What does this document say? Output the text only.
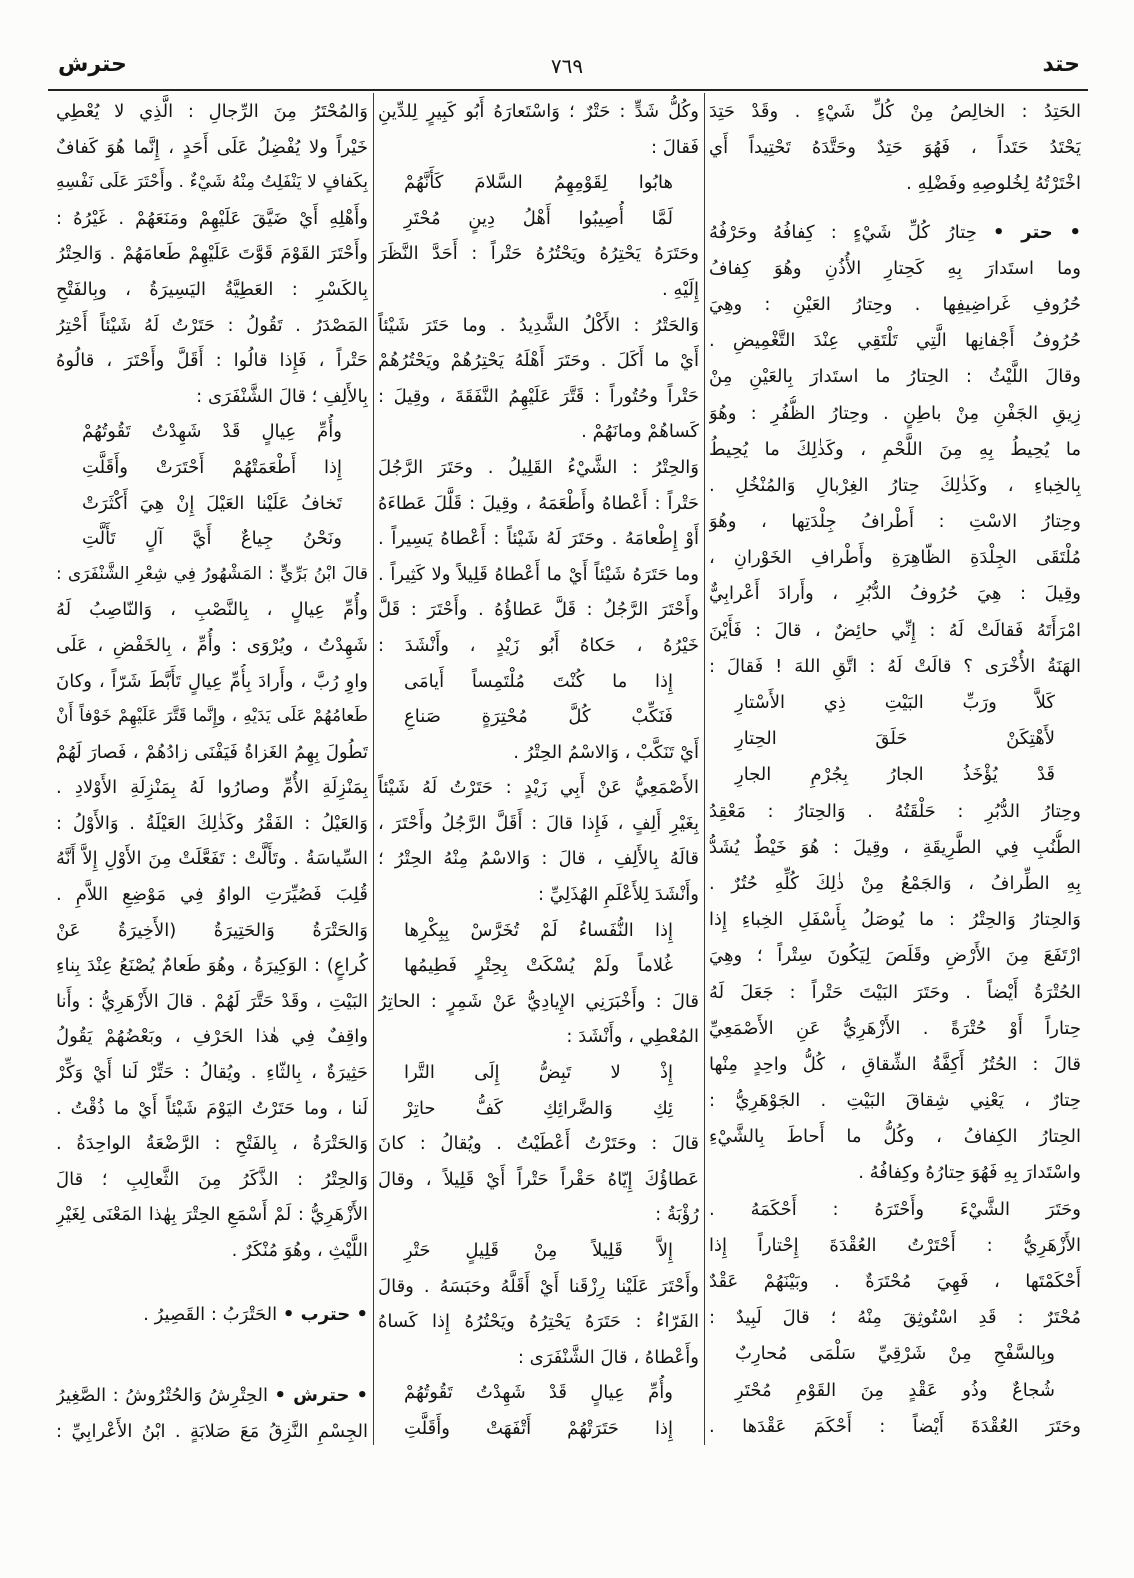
حتد
٧٦٩
حترش
الحَتِدُ : الخالِصُ مِنْ كُلِّ شَيْءٍ . وقَدْ حَتِدَ
يَحْتَدُ حَتَداً ، فَهُوَ حَتِدٌ وحَتَّدَهُ تَحْتِيداً أَي
اخْتَرْتُهُ لِخُلوصِهِ وفَضْلِهِ .
• حتر • حِتارُ كُلِّ شَيْءٍ : كِفافُهُ وحَرْفُهُ
وما استَدارَ بِهِ كَحِتارِ الأُذُنِ وهُوَ كِفافُ
حُرُوفِ غَراضِيفِها . وحِتارُ العَيْنِ : وهِيَ
حُرُوفُ أَجْفانِها الَّتِي تَلْتَقِي عِنْدَ التَّغْمِيضِ .
وقالَ اللَّيْثُ : الحِتارُ ما استَدارَ بِالعَيْنِ مِنْ
زِيقِ الجَفْنِ مِنْ باطِنٍ . وحِتارُ الظُّفُرِ : وهُوَ
ما يُحِيطُ بِهِ مِنَ اللَّحْمِ ، وكَذٰلِكَ ما يُحِيطُ
بِالخِباءِ ، وكَذٰلِكَ حِتارُ الغِرْبالِ وَالمُنْخُلِ .
وحِتارُ الاسْتِ : أَطْرافُ جِلْدَتِها ، وهُوَ
مُلْتَقَى الجِلْدَةِ الظّاهِرَةِ وأَطْرافِ الخَوْرانِ ،
وقِيلَ : هِيَ حُرُوفُ الدُّبُرِ ، وأَرادَ أَعْرابِيٌّ
امْرَأَتَهُ فَقالَتْ لَهُ : إِنِّي حائِضٌ ، قالَ : فَأَيْنَ
الهَنَةُ الأُخْرَى ؟ قالَتْ لَهُ : اتَّقِ اللهَ ! فَقالَ :
كَلاَّ ورَبِّ البَيْتِ ذِي الأَسْتارِ
لأَهْتِكَنْ حَلَقَ الحِتارِ
قَدْ يُؤْخَذُ الجارُ بِجُرْمِ الجارِ
وحِتارُ الدُّبُرِ : حَلْقَتُهُ . وَالحِتارُ : مَعْقِدُ
الطُّنُبِ فِي الطَّرِيقَةِ ، وقِيلَ : هُوَ خَيْطٌ يُشَدُّ
بِهِ الطِّرافُ ، وَالجَمْعُ مِنْ ذٰلِكَ كُلِّهِ حُتُرٌ .
وَالحِتارُ وَالحِتْرُ : ما يُوصَلُ بِأَسْفَلِ الخِباءِ إِذا
ارْتَفَعَ مِنَ الأَرْضِ وقَلَصَ لِيَكُونَ سِتْراً ؛ وهِيَ
الحُتْرَةُ أَيْضاً . وحَتَرَ البَيْتَ حَتْراً : جَعَلَ لَهُ
حِتاراً أَوْ حُتْرَةً . الأَزْهَرِيُّ عَنِ الأَصْمَعِيِّ
قالَ : الحُتُرُ أَكِفَّةُ الشِّقاقِ ، كُلُّ واحِدٍ مِنْها
حِتارٌ ، يَعْنِي شِقاقَ البَيْتِ . الجَوْهَرِيُّ :
الحِتارُ الكِفافُ ، وكُلُّ ما أَحاطَ بِالشَّيْءِ
واسْتَدارَ بِهِ فَهُوَ حِتارُهُ وكِفافُهُ .
وحَتَرَ الشَّيْءَ وأَحْتَرَهُ : أَحْكَمَهُ .
الأَزْهَرِيُّ : أَحْتَرْتُ العُقْدَةَ إِحْتاراً إِذا
أَحْكَمْتَها ، فَهِيَ مُحْتَرَةٌ . وبَيْنَهُمْ عَقْدٌ
مُحْتَرٌ : قَدِ اسْتُوثِقَ مِنْهُ ؛ قالَ لَبِيدٌ :
وبِالسَّفْحِ مِنْ شَرْقِيِّ سَلْمَى مُحارِبٌ
شُجاعٌ وذُو عَقْدٍ مِنَ القَوْمِ مُحْتَرِ
وحَتَرَ العُقْدَةَ أَيْضاً : أَحْكَمَ عَقْدَها .
وكُلُّ شَدٍّ : حَتْرٌ ؛ وَاسْتَعارَهُ أَبُو كَبِيرٍ لِلدِّينِ
فَقالَ :
هابُوا لِقَوْمِهِمُ السَّلامَ كَأَنَّهُمْ
لَمَّا أُصِيبُوا أَهْلُ دِينٍ مُحْتَرِ
وحَتَرَهُ يَحْتِرُهُ ويَحْتُرُهُ حَتْراً : أَحَدَّ النَّظَرَ
إِلَيْهِ .
وَالحَتْرُ : الأَكْلُ الشَّدِيدُ . وما حَتَرَ شَيْئاً
أَيْ ما أَكَلَ . وحَتَرَ أَهْلَهُ يَحْتِرُهُمْ ويَحْتُرُهُمْ
حَتْراً وحُتُوراً : قَتَّرَ عَلَيْهِمُ النَّفَقَةَ ، وقِيلَ :
كَساهُمْ ومانَهُمْ .
وَالحِتْرُ : الشَّيْءُ القَلِيلُ . وحَتَرَ الرَّجُلَ
حَتْراً : أَعْطاهُ وأَطْعَمَهُ ، وقِيلَ : قَلَّلَ عَطاءَهُ
أَوْ إِطْعامَهُ . وحَتَرَ لَهُ شَيْئاً : أَعْطاهُ يَسِيراً .
وما حَتَرَهُ شَيْئاً أَيْ ما أَعْطاهُ قَلِيلاً ولا كَثِيراً .
وأَحْتَرَ الرَّجُلُ : قَلَّ عَطاؤُهُ . وأَحْتَرَ : قَلَّ
خَيْرُهُ ، حَكاهُ أَبُو زَيْدٍ ، وأَنْشَدَ :
إِذا ما كُنْتَ مُلْتَمِساً أَيامَى
فَنَكِّبْ كُلَّ مُحْتِرَةٍ صَناعِ
أَيْ تَنَكَّبْ ، وَالاسْمُ الحِتْرُ .
الأَصْمَعِيُّ عَنْ أَبِي زَيْدٍ : حَتَرْتُ لَهُ شَيْئاً
بِغَيْرِ أَلِفٍ ، فَإِذا قالَ : أَقَلَّ الرَّجُلُ وأَحْتَرَ ،
قالَهُ بِالأَلِفِ ، قالَ : وَالاسْمُ مِنْهُ الحِتْرُ ؛
وأَنْشَدَ لِلأَعْلَمِ الهُذَلِيِّ :
إِذا النُّفَساءُ لَمْ تُخَرَّسْ بِبِكْرِها
غُلاماً ولَمْ يُسْكَتْ بِحِتْرٍ فَطِيمُها
قالَ : وأَخْبَرَنِي الإِيادِيُّ عَنْ شَمِرٍ : الحاتِرُ
المُعْطِي ، وأَنْشَدَ :
إِذْ لا تَبِضُّ إِلَى التَّرا
ئِكِ وَالضَّرائِكِ كَفُّ حاتِرْ
قالَ : وحَتَرْتُ أَعْطَيْتُ . ويُقالُ : كانَ
عَطاؤُكَ إِيّاهُ حَقْراً حَتْراً أَيْ قَلِيلاً ، وقالَ
رُؤْبَةُ :
إِلاَّ قَلِيلاً مِنْ قَلِيلٍ حَتْرِ
وأَحْتَرَ عَلَيْنا رِزْقَنا أَيْ أَقَلَّهُ وحَبَسَهُ . وقالَ
الفَرّاءُ : حَتَرَهُ يَحْتِرُهُ ويَحْتُرُهُ إِذا كَساهُ
وأَعْطاهُ ، قالَ الشَّنْفَرَى :
وأُمِّ عِيالٍ قَدْ شَهِدْتُ تَقُوتُهُمْ
إِذا حَتَرَتْهُمْ أَتْفَهَتْ وأَقَلَّتِ
وَالمُحْتَرُ مِنَ الرِّجالِ : الَّذِي لا يُعْطِي
خَيْراً ولا يُفْضِلُ عَلَى أَحَدٍ ، إِنَّما هُوَ كَفافٌ
بِكَفافٍ لا يَنْفَلِتُ مِنْهُ شَيْءٌ . وأَحْتَرَ عَلَى نَفْسِهِ
وأَهْلِهِ أَيْ ضَيَّقَ عَلَيْهِمْ ومَنَعَهُمْ . غَيْرُهُ :
وأَحْتَرَ القَوْمَ قَوَّتَ عَلَيْهِمْ طَعامَهُمْ . وَالحِتْرُ
بِالكَسْرِ : العَطِيَّةُ اليَسِيرَةُ ، وبِالفَتْحِ
المَصْدَرُ . تَقُولُ : حَتَرْتُ لَهُ شَيْئاً أَحْتِرُ
حَتْراً ، فَإِذا قالُوا : أَقَلَّ وأَحْتَرَ ، قالُوهُ
بِالأَلِفِ ؛ قالَ الشَّنْفَرَى :
وأُمِّ عِيالٍ قَدْ شَهِدْتُ تَقُوتُهُمْ
إِذا أَطْعَمَتْهُمْ أَحْتَرَتْ وأَقَلَّتِ
تَخافُ عَلَيْنا العَيْلَ إِنْ هِيَ أَكْثَرَتْ
ونَحْنُ جِياعٌ أَيَّ آلٍ تَأَلَّتِ
قالَ ابْنُ بَرِّيٍّ : المَشْهُورُ فِي شِعْرِ الشَّنْفَرَى :
وأُمِّ عِيالٍ ، بِالنَّصْبِ ، وَالنّاصِبُ لَهُ
شَهِدْتُ ، ويُرْوَى : وأُمِّ ، بِالخَفْضِ ، عَلَى
واوِ رُبَّ ، وأَرادَ بِأُمِّ عِيالٍ تَأَبَّطَ شَرّاً ، وكانَ
طَعامُهُمْ عَلَى يَدَيْهِ ، وإِنَّما قَتَّرَ عَلَيْهِمْ خَوْفاً أَنْ
تَطُولَ بِهِمُ الغَزاةُ فَيَفْنَى زادُهُمْ ، فَصارَ لَهُمْ
بِمَنْزِلَةِ الأُمِّ وصارُوا لَهُ بِمَنْزِلَةِ الأَوْلادِ .
وَالعَيْلُ : الفَقْرُ وكَذٰلِكَ العَيْلَةُ . وَالأَوْلُ :
السِّياسَةُ . وتَأَلَّتْ : تَفَعَّلَتْ مِنَ الأَوْلِ إِلاَّ أَنَّهُ
قُلِبَ فَصُيِّرَتِ الواوُ فِي مَوْضِعِ اللاَّمِ .
وَالحَتْرَةُ وَالحَتِيرَةُ (الأَخِيرَةُ عَنْ
كُراعٍ) : الوَكِيرَةُ ، وهُوَ طَعامٌ يُصْنَعُ عِنْدَ بِناءِ
البَيْتِ ، وقَدْ حَتَّرَ لَهُمْ . قالَ الأَزْهَرِيُّ : وأَنا
واقِفٌ فِي هٰذا الحَرْفِ ، وبَعْضُهُمْ يَقُولُ
حَثِيرَةٌ ، بِالثّاءِ . ويُقالُ : حَتِّرْ لَنا أَيْ وَكِّرْ
لَنا ، وما حَتَرْتُ اليَوْمَ شَيْئاً أَيْ ما ذُقْتُ .
وَالحَتْرَةُ ، بِالفَتْحِ : الرَّضْعَةُ الواحِدَةُ .
وَالحِتْرُ : الذَّكَرُ مِنَ الثَّعالِبِ ؛ قالَ
الأَزْهَرِيُّ : لَمْ أَسْمَعِ الحِتْرَ بِهٰذا المَعْنَى لِغَيْرِ
اللَّيْثِ ، وهُوَ مُنْكَرٌ .
• حترب • الحَتْرَبُ : القَصِيرُ .
• حترش • الحِتْرِشُ وَالحُتْرُوشُ : الصَّغِيرُ
الجِسْمِ النَّزِقُ مَعَ صَلابَةٍ . ابْنُ الأَعْرابِيِّ :
